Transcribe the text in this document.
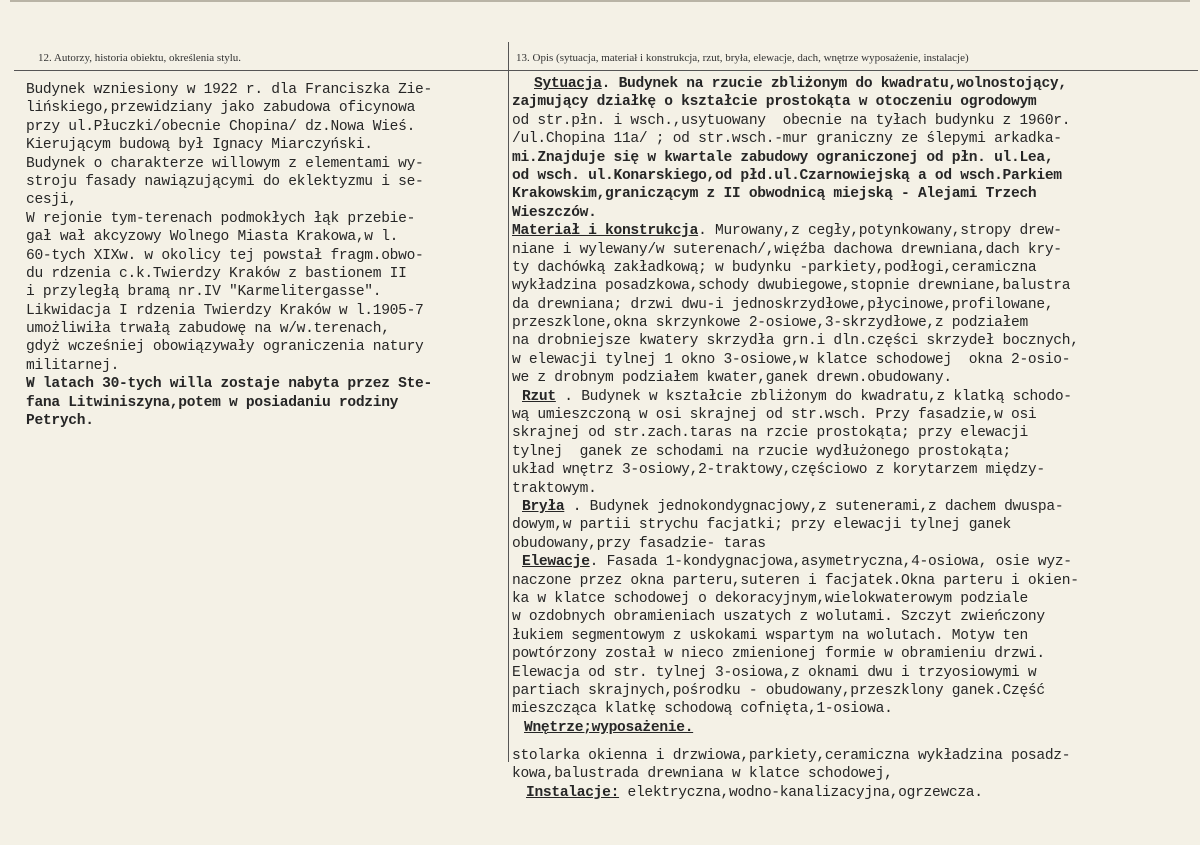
12. Autorzy, historia obiektu, określenia stylu.	13. Opis (sytuacja, materiał i konstrukcja, rzut, bryła, elewacje, dach, wnętrze wyposażenie, instalacje)
Budynek wzniesiony w 1922 r. dla Franciszka Zie-
lińskiego,przewidziany jako zabudowa oficynowa
przy ul.Płuczki/obecnie Chopina/ dz.Nowa Wieś.
Kierującym budową był Ignacy Miarczyński.
Budynek o charakterze willowym z elementami wy-
stroju fasady nawiązującymi do eklektyzmu i se-
cesji,
W rejonie tym-terenach podmokłych łąk przebie-
gał wał akcyzowy Wolnego Miasta Krakowa,w l.
60-tych XIXw. w okolicy tej powstał fragm.obwo-
du rdzenia c.k.Twierdzy Kraków z bastionem II
i przyległą bramą nr.IV "Karmelitergasse".
Likwidacja I rdzenia Twierdzy Kraków w l.1905-7
umożliwiła trwałą zabudowę na w/w.terenach,
gdyż wcześniej obowiązywały ograniczenia natury
militarnej.
W latach 30-tych willa zostaje nabyta przez Ste-
fana Litwiniszyna,potem w posiadaniu rodziny
Petrych.
Sytuacja. Budynek na rzucie zbliżonym do kwadratu,wolnostojący,
zajmujący działkę o kształcie prostokąta w otoczeniu ogrodowym
od str.płn. i wsch.,usytuowany  obecnie na tyłach budynku z 1960r.
/ul.Chopina 11a/ ; od str.wsch.-mur graniczny ze ślepymi arkadka-
mi.Znajduje się w kwartale zabudowy ograniczonej od płn. ul.Lea,
od wsch. ul.Konarskiego,od płd.ul.Czarnowiejską a od wsch.Parkiem
Krakowskim,graniczącym z II obwodnicą miejską - Alejami Trzech
Wieszczów.
Materiał i konstrukcja. Murowany,z cegły,potynkowany,stropy drew-
niane i wylewany/w suterenach/,więźba dachowa drewniana,dach kry-
ty dachówką zakładkową; w budynku -parkiety,podłogi,ceramiczna
wykładzina posadzkowa,schody dwubiegowe,stopnie drewniane,balustra
da drewniana; drzwi dwu-i jednoskrzydłowe,płycinowe,profilowane,
przeszklone,okna skrzynkowe 2-osiowe,3-skrzydłowe,z podziałem
na drobniejsze kwatery skrzydła grn.i dln.części skrzydeł bocznych,
w elewacji tylnej 1 okno 3-osiowe,w klatce schodowej  okna 2-osio-
we z drobnym podziałem kwater,ganek drewn.obudowany.
Rzut . Budynek w kształcie zbliżonym do kwadratu,z klatką schodo-
wą umieszczoną w osi skrajnej od str.wsch. Przy fasadzie,w osi
skrajnej od str.zach.taras na rzcie prostokąta; przy elewacji
tylnej  ganek ze schodami na rzucie wydłużonego prostokąta;
układ wnętrz 3-osiowy,2-traktowy,częściowo z korytarzem między-
traktowym.
Bryła . Budynek jednokondygnacjowy,z sutenerami,z dachem dwuspa-
dowym,w partii strychu facjatki; przy elewacji tylnej ganek
obudowany,przy fasadzie- taras
Elewacje. Fasada 1-kondygnacjowa,asymetryczna,4-osiowa, osie wyz-
naczone przez okna parteru,suteren i facjatek.Okna parteru i okien-
ka w klatce schodowej o dekoracyjnym,wielokwaterowym podziale
w ozdobnych obramieniach uszatych z wolutami. Szczyt zwieńczony
łukiem segmentowym z uskokami wspartym na wolutach. Motyw ten
powtórzony został w nieco zmienionej formie w obramieniu drzwi.
Elewacja od str. tylnej 3-osiowa,z oknami dwu i trzyosiowymi w
partiach skrajnych,pośrodku - obudowany,przeszklony ganek.Część
mieszcząca klatkę schodową cofnięta,1-osiowa.
Wnętrze;wyposażenie.
stolarka okienna i drzwiowa,parkiety,ceramiczna wykładzina posadz-
kowa,balustrada drewniana w klatce schodowej,
Instalacje: elektryczna,wodno-kanalizacyjna,ogrzewcza.
